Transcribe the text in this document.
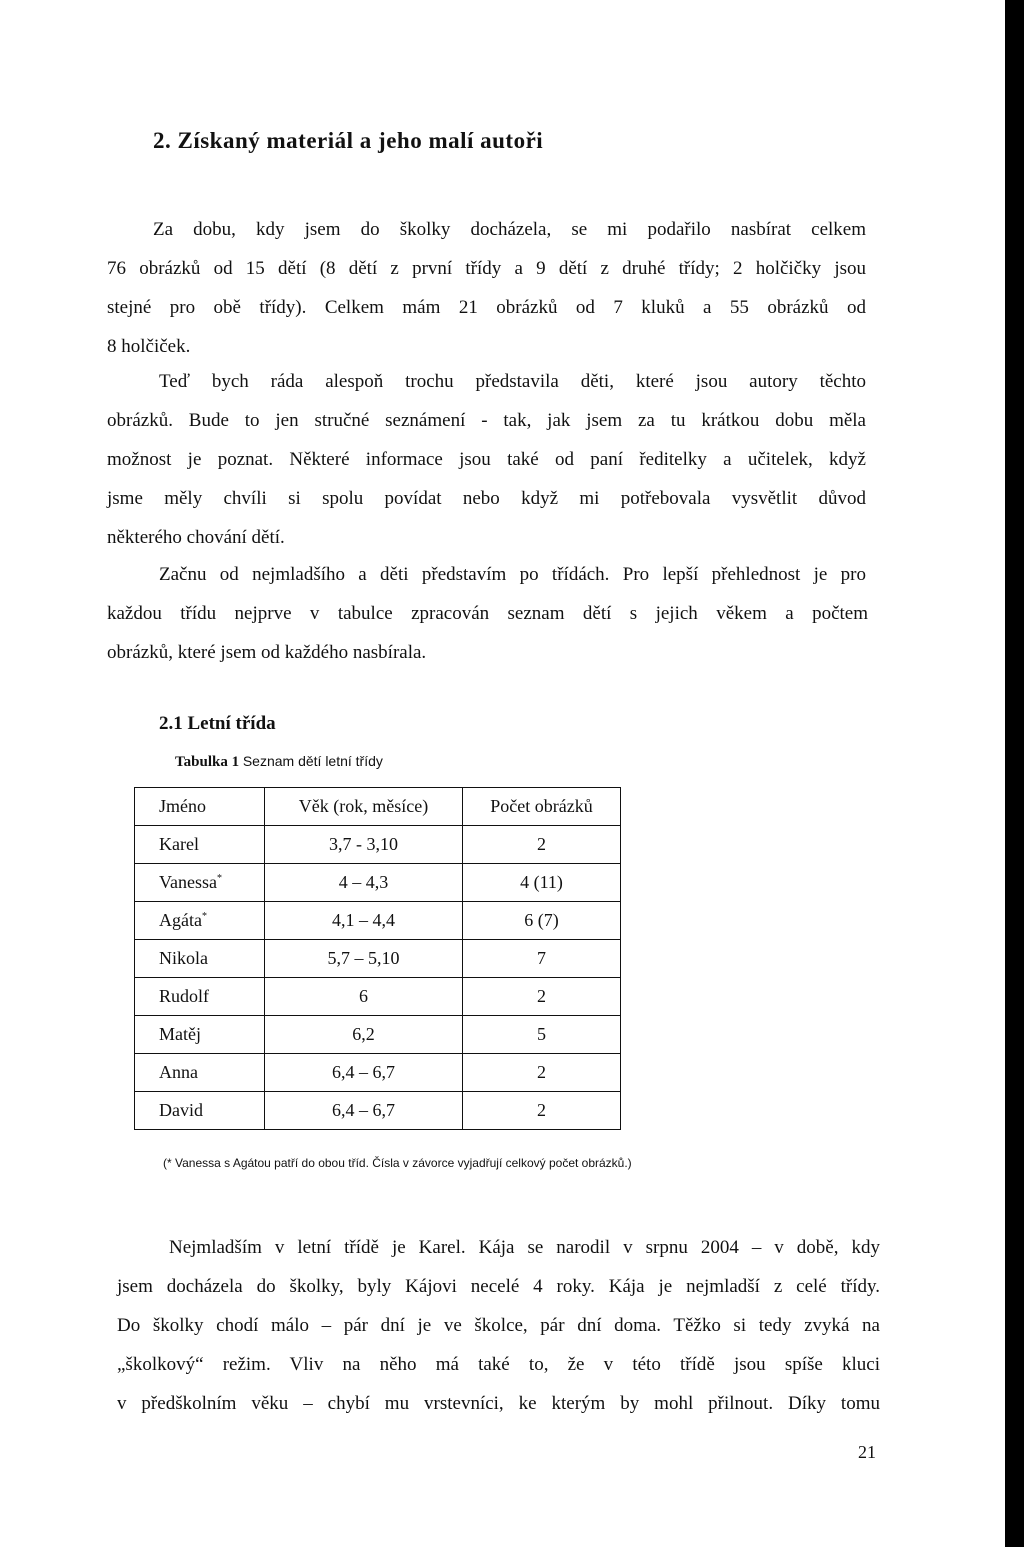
2. Získaný materiál a jeho malí autoři
Za dobu, kdy jsem do školky docházela, se mi podařilo nasbírat celkem
76 obrázků od 15 dětí (8 dětí z první třídy a 9 dětí z druhé třídy; 2 holčičky jsou
stejné pro obě třídy). Celkem mám 21 obrázků od 7 kluků a 55 obrázků od
8 holčiček.
Teď bych ráda alespoň trochu představila děti, které jsou autory těchto
obrázků. Bude to jen stručné seznámení - tak, jak jsem za tu krátkou dobu měla
možnost je poznat. Některé informace jsou také od paní ředitelky a učitelek, když
jsme měly chvíli si spolu povídat nebo když mi potřebovala vysvětlit důvod
některého chování dětí.
Začnu od nejmladšího a děti představím po třídách. Pro lepší přehlednost je pro
každou třídu nejprve v tabulce zpracován seznam dětí s jejich věkem a počtem
obrázků, které jsem od každého nasbírala.
2.1 Letní třída
Tabulka 1 Seznam dětí letní třídy
Jméno	Věk (rok, měsíce)	Počet obrázků
Karel	3,7 - 3,10	2
Vanessa*	4 – 4,3	4 (11)
Agáta*	4,1 – 4,4	6 (7)
Nikola	5,7 – 5,10	7
Rudolf	6	2
Matěj	6,2	5
Anna	6,4 – 6,7	2
David	6,4 – 6,7	2
(* Vanessa s Agátou patří do obou tříd. Čísla v závorce vyjadřují celkový počet obrázků.)
Nejmladším v letní třídě je Karel. Kája se narodil v srpnu 2004 – v době, kdy
jsem docházela do školky, byly Kájovi necelé 4 roky. Kája je nejmladší z celé třídy.
Do školky chodí málo – pár dní je ve školce, pár dní doma. Těžko si tedy zvyká na
„školkový“ režim. Vliv na něho má také to, že v této třídě jsou spíše kluci
v předškolním věku – chybí mu vrstevníci, ke kterým by mohl přilnout. Díky tomu
21
